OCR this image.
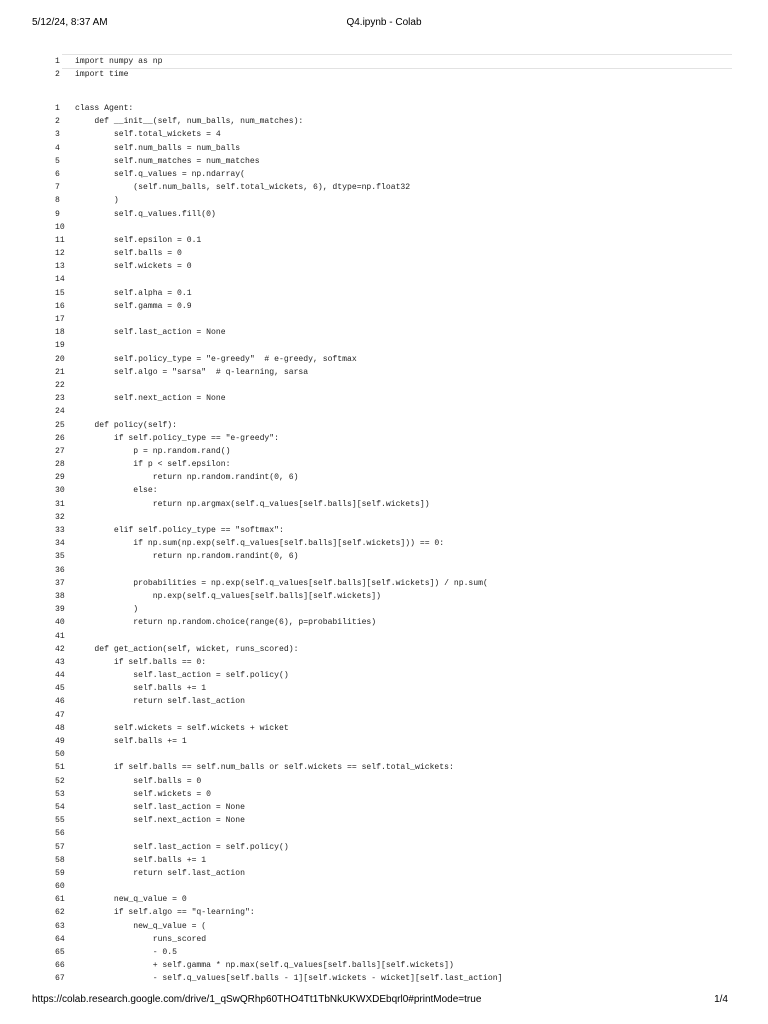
5/12/24, 8:37 AM	Q4.ipynb - Colab
1 import numpy as np
2 import time
1 class Agent:
2    def __init__(self, num_balls, num_matches):
3        self.total_wickets = 4
4        self.num_balls = num_balls
5        self.num_matches = num_matches
6        self.q_values = np.ndarray(
7            (self.num_balls, self.total_wickets, 6), dtype=np.float32
8        )
9        self.q_values.fill(0)
10
11        self.epsilon = 0.1
12        self.balls = 0
13        self.wickets = 0
14
15        self.alpha = 0.1
16        self.gamma = 0.9
17
18        self.last_action = None
19
20        self.policy_type = "e-greedy"  # e-greedy, softmax
21        self.algo = "sarsa"  # q-learning, sarsa
22
23        self.next_action = None
24
25    def policy(self):
26        if self.policy_type == "e-greedy":
27            p = np.random.rand()
28            if p < self.epsilon:
29                return np.random.randint(0, 6)
30            else:
31                return np.argmax(self.q_values[self.balls][self.wickets])
32
33        elif self.policy_type == "softmax":
34            if np.sum(np.exp(self.q_values[self.balls][self.wickets])) == 0:
35                return np.random.randint(0, 6)
36
37            probabilities = np.exp(self.q_values[self.balls][self.wickets]) / np.sum(
38                np.exp(self.q_values[self.balls][self.wickets])
39            )
40            return np.random.choice(range(6), p=probabilities)
41
42    def get_action(self, wicket, runs_scored):
43        if self.balls == 0:
44            self.last_action = self.policy()
45            self.balls += 1
46            return self.last_action
47
48        self.wickets = self.wickets + wicket
49        self.balls += 1
50
51        if self.balls == self.num_balls or self.wickets == self.total_wickets:
52            self.balls = 0
53            self.wickets = 0
54            self.last_action = None
55            self.next_action = None
56
57            self.last_action = self.policy()
58            self.balls += 1
59            return self.last_action
60
61        new_q_value = 0
62        if self.algo == "q-learning":
63            new_q_value = (
64                runs_scored
65                - 0.5
66                + self.gamma * np.max(self.q_values[self.balls][self.wickets])
67                - self.q_values[self.balls - 1][self.wickets - wicket][self.last_action]
https://colab.research.google.com/drive/1_qSwQRhp60THO4Tt1TbNkUKWXDEbqrl0#printMode=true	1/4
